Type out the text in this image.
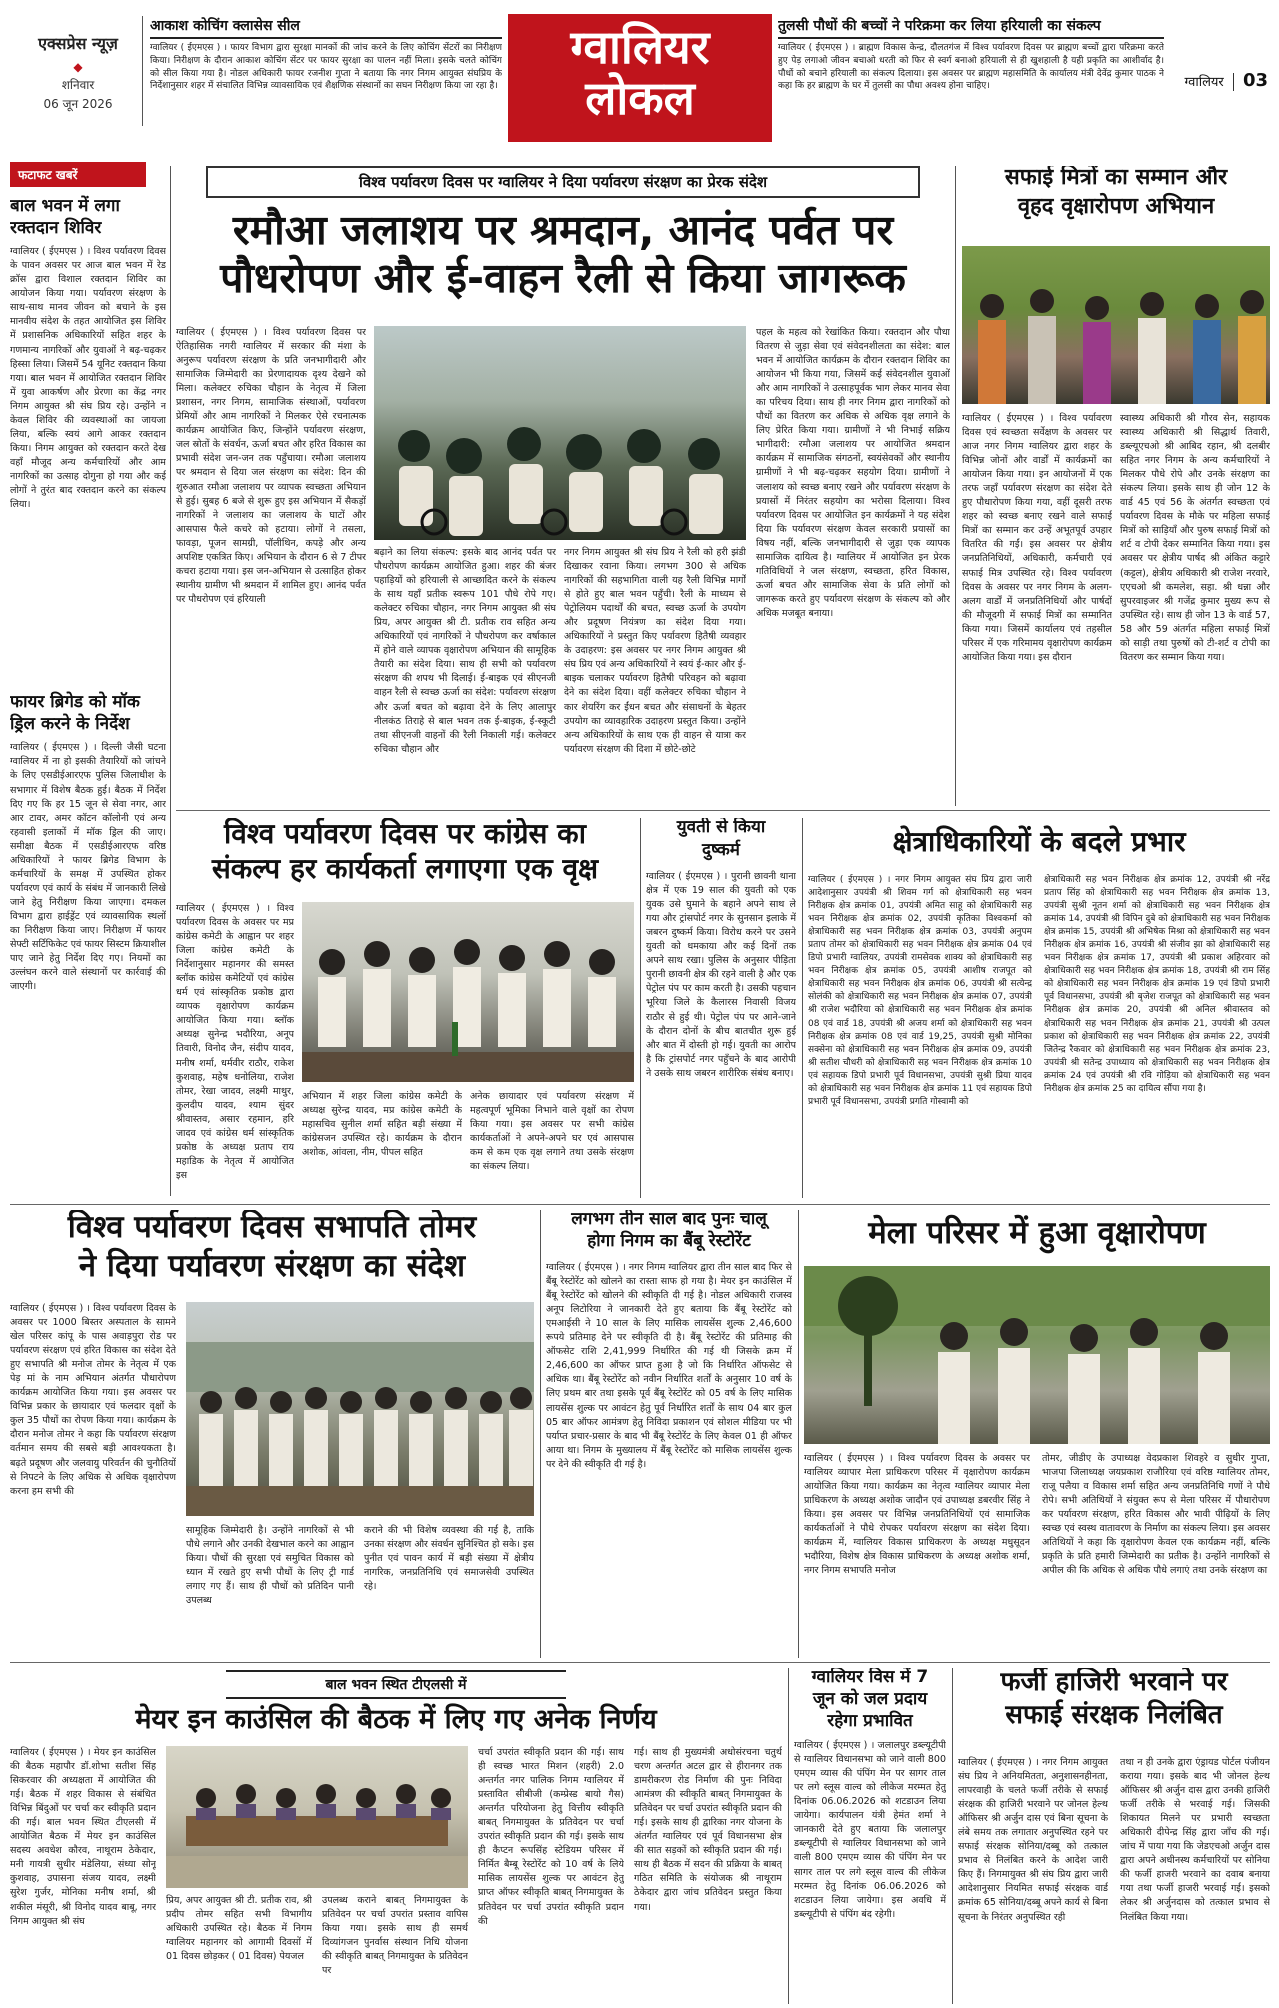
एक्सप्रेस न्यूज़
◆
शनिवार
06 जून 2026
आकाश कोचिंग क्लासेस सील
ग्वालियर ( ईएमएस ) । फायर विभाग द्वारा सुरक्षा मानकों की जांच करने के लिए कोचिंग सेंटरों का निरीक्षण किया। निरीक्षण के दौरान आकाश कोचिंग सेंटर पर फायर सुरक्षा का पालन नहीं मिला। इसके चलते कोचिंग को सील किया गया है। नोडल अधिकारी फायर रजनीश गुप्ता ने बताया कि नगर निगम आयुक्त संघप्रिय के निर्देशानुसार शहर में संचालित विभिन्न व्यावसायिक एवं शैक्षणिक संस्थानों का सघन निरीक्षण किया जा रहा है।
ग्वालियर
लोकल
तुलसी पौधों की बच्चों ने परिक्रमा कर लिया हरियाली का संकल्प
ग्वालियर ( ईएमएस ) । ब्राह्मण विकास केन्द्र, दौलतगंज में विश्व पर्यावरण दिवस पर ब्राह्मण बच्चों द्वारा परिक्रमा करते हुए पेड़ लगाओ जीवन बचाओ धरती को फिर से स्वर्ग बनाओ हरियाली से ही खुशहाली है यही प्रकृति का आशीर्वाद है। पौधों को बचाने हरियाली का संकल्प दिलाया। इस अवसर पर ब्राह्मण महासमिति के कार्यालय मंत्री देवेंद्र कुमार पाठक ने कहा कि हर ब्राह्मण के घर में तुलसी का पौधा अवश्य होना चाहिए।	ग्वालियर 03
फटाफट खबरें
बाल भवन में लगा रक्तदान शिविर
ग्वालियर ( ईएमएस ) । विश्व पर्यावरण दिवस के पावन अवसर पर आज बाल भवन में रेड क्रॉस द्वारा विशाल रक्तदान शिविर का आयोजन किया गया। पर्यावरण संरक्षण के साथ-साथ मानव जीवन को बचाने के इस मानवीय संदेश के तहत आयोजित इस शिविर में प्रशासनिक अधिकारियों सहित शहर के गणमान्य नागरिकों और युवाओं ने बढ़-चढ़कर हिस्सा लिया। जिसमें 54 यूनिट रक्तदान किया गया। बाल भवन में आयोजित रक्तदान शिविर में युवा आकर्षण और प्रेरणा का केंद्र नगर निगम आयुक्त श्री संघ प्रिय रहे। उन्होंने न केवल शिविर की व्यवस्थाओं का जायजा लिया, बल्कि स्वयं आगे आकर रक्तदान किया। निगम आयुक्त को रक्तदान करते देख वहाँ मौजूद अन्य कर्मचारियों और आम नागरिकों का उत्साह दोगुना हो गया और कई लोगों ने तुरंत बाद रक्तदान करने का संकल्प लिया।
फायर ब्रिगेड को मॉक ड्रिल करने के निर्देश
ग्वालियर ( ईएमएस ) । दिल्ली जैसी घटना ग्वालियर में ना हो इसकी तैयारियों को जांचने के लिए एसडीईआरएफ पुलिस जिलाधीश के सभागार में विशेष बैठक हुई। बैठक में निर्देश दिए गए कि हर 15 जून से सेवा नगर, आर आर टावर, अमर कॉटन कॉलोनी एवं अन्य रहवासी इलाकों में मॉक ड्रिल की जाए। समीक्षा बैठक में एसडीईआरएफ वरिष्ठ अधिकारियों ने फायर ब्रिगेड विभाग के कर्मचारियों के समक्ष में उपस्थित होकर पर्यावरण एवं कार्य के संबंध में जानकारी लिखे जाने हेतु निरीक्षण किया जाएगा। दमकल विभाग द्वारा हाईड्रेंट एवं व्यावसायिक स्थलों का निरीक्षण किया जाए। निरीक्षण में फायर सेफ्टी सर्टिफिकेट एवं फायर सिस्टम क्रियाशील पाए जाने हेतु निर्देश दिए गए। नियमों का उल्लंघन करने वाले संस्थानों पर कार्रवाई की जाएगी।
विश्व पर्यावरण दिवस पर ग्वालियर ने दिया पर्यावरण संरक्षण का प्रेरक संदेश
रमौआ जलाशय पर श्रमदान, आनंद पर्वत पर
पौधरोपण और ई-वाहन रैली से किया जागरूक
ग्वालियर ( ईएमएस ) । विश्व पर्यावरण दिवस पर ऐतिहासिक नगरी ग्वालियर में सरकार की मंशा के अनुरूप पर्यावरण संरक्षण के प्रति जनभागीदारी और सामाजिक जिम्मेदारी का प्रेरणादायक दृश्य देखने को मिला। कलेक्टर रुचिका चौहान के नेतृत्व में जिला प्रशासन, नगर निगम, सामाजिक संस्थाओं, पर्यावरण प्रेमियों और आम नागरिकों ने मिलकर ऐसे रचनात्मक कार्यक्रम आयोजित किए, जिन्होंने पर्यावरण संरक्षण, जल स्रोतों के संवर्धन, ऊर्जा बचत और हरित विकास का प्रभावी संदेश जन-जन तक पहुँचाया। रमौआ जलाशय पर श्रमदान से दिया जल संरक्षण का संदेश: दिन की शुरुआत रमौआ जलाशय पर व्यापक स्वच्छता अभियान से हुई। सुबह 6 बजे से शुरू हुए इस अभियान में सैकड़ों नागरिकों ने जलाशय का जलाशय के घाटों और आसपास फैले कचरे को हटाया। लोगों ने तसला, फावड़ा, पूजन सामग्री, पॉलीथिन, कपड़े और अन्य अपशिष्ट एकत्रित किए। अभियान के दौरान 6 से 7 टीपर कचरा हटाया गया। इस जन-अभियान से उत्साहित होकर स्थानीय ग्रामीण भी श्रमदान में शामिल हुए। आनंद पर्वत पर पौधरोपण एवं हरियाली
बढ़ाने का लिया संकल्प: इसके बाद आनंद पर्वत पर पौधरोपण कार्यक्रम आयोजित हुआ। शहर की बंजर पहाड़ियों को हरियाली से आच्छादित करने के संकल्प के साथ यहाँ प्रतीक स्वरूप 101 पौधे रोपे गए। कलेक्टर रुचिका चौहान, नगर निगम आयुक्त श्री संघ प्रिय, अपर आयुक्त श्री टी. प्रतीक राव सहित अन्य अधिकारियों एवं नागरिकों ने पौधरोपण कर वर्षाकाल में होने वाले व्यापक वृक्षारोपण अभियान की सामूहिक तैयारी का संदेश दिया। साथ ही सभी को पर्यावरण संरक्षण की शपथ भी दिलाई। ई-बाइक एवं सीएनजी वाहन रैली से स्वच्छ ऊर्जा का संदेश: पर्यावरण संरक्षण और ऊर्जा बचत को बढ़ावा देने के लिए आलापुर नीलकंठ तिराहे से बाल भवन तक ई-बाइक, ई-स्कूटी तथा सीएनजी वाहनों की रैली निकाली गई। कलेक्टर रुचिका चौहान और
नगर निगम आयुक्त श्री संघ प्रिय ने रैली को हरी झंडी दिखाकर रवाना किया। लगभग 300 से अधिक नागरिकों की सहभागिता वाली यह रैली विभिन्न मार्गों से होते हुए बाल भवन पहुँची। रैली के माध्यम से पेट्रोलियम पदार्थों की बचत, स्वच्छ ऊर्जा के उपयोग और प्रदूषण नियंत्रण का संदेश दिया गया। अधिकारियों ने प्रस्तुत किए पर्यावरण हितैषी व्यवहार के उदाहरण: इस अवसर पर नगर निगम आयुक्त श्री संघ प्रिय एवं अन्य अधिकारियों ने स्वयं ई-कार और ई-बाइक चलाकर पर्यावरण हितैषी परिवहन को बढ़ावा देने का संदेश दिया। वहीं कलेक्टर रुचिका चौहान ने कार शेयरिंग कर ईंधन बचत और संसाधनों के बेहतर उपयोग का व्यावहारिक उदाहरण प्रस्तुत किया। उन्होंने अन्य अधिकारियों के साथ एक ही वाहन से यात्रा कर पर्यावरण संरक्षण की दिशा में छोटे-छोटे
पहल के महत्व को रेखांकित किया। रक्तदान और पौधा वितरण से जुड़ा सेवा एवं संवेदनशीलता का संदेश: बाल भवन में आयोजित कार्यक्रम के दौरान रक्तदान शिविर का आयोजन भी किया गया, जिसमें कई संवेदनशील युवाओं और आम नागरिकों ने उत्साहपूर्वक भाग लेकर मानव सेवा का परिचय दिया। साथ ही नगर निगम द्वारा नागरिकों को पौधों का वितरण कर अधिक से अधिक वृक्ष लगाने के लिए प्रेरित किया गया। ग्रामीणों ने भी निभाई सक्रिय भागीदारी: रमौआ जलाशय पर आयोजित श्रमदान कार्यक्रम में सामाजिक संगठनों, स्वयंसेवकों और स्थानीय ग्रामीणों ने भी बढ़-चढ़कर सहयोग दिया। ग्रामीणों ने जलाशय को स्वच्छ बनाए रखने और पर्यावरण संरक्षण के प्रयासों में निरंतर सहयोग का भरोसा दिलाया। विश्व पर्यावरण दिवस पर आयोजित इन कार्यक्रमों ने यह संदेश दिया कि पर्यावरण संरक्षण केवल सरकारी प्रयासों का विषय नहीं, बल्कि जनभागीदारी से जुड़ा एक व्यापक सामाजिक दायित्व है। ग्वालियर में आयोजित इन प्रेरक गतिविधियों ने जल संरक्षण, स्वच्छता, हरित विकास, ऊर्जा बचत और सामाजिक सेवा के प्रति लोगों को जागरूक करते हुए पर्यावरण संरक्षण के संकल्प को और अधिक मजबूत बनाया।
सफाई मित्रों का सम्मान और
वृहद वृक्षारोपण अभियान
ग्वालियर ( ईएमएस ) । विश्व पर्यावरण दिवस एवं स्वच्छता सर्वेक्षण के अवसर पर आज नगर निगम ग्वालियर द्वारा शहर के विभिन्न जोनों और वार्डों में कार्यक्रमों का आयोजन किया गया। इन आयोजनों में एक तरफ जहाँ पर्यावरण संरक्षण का संदेश देते हुए पौधारोपण किया गया, वहीं दूसरी तरफ शहर को स्वच्छ बनाए रखने वाले सफाई मित्रों का सम्मान कर उन्हें अभूतपूर्व उपहार वितरित की गईं। इस अवसर पर क्षेत्रीय जनप्रतिनिधियों, अधिकारी, कर्मचारी एवं सफाई मित्र उपस्थित रहे। विश्व पर्यावरण दिवस के अवसर पर नगर निगम के अलग-अलग वार्डों में जनप्रतिनिधियों और पार्षदों की मौजूदगी में सफाई मित्रों का सम्मानित किया गया। जिसमें कार्यालय एवं तहसील परिसर में एक गरिमामय वृक्षारोपण कार्यक्रम आयोजित किया गया। इस दौरान
स्वास्थ्य अधिकारी श्री गौरव सेन, सहायक स्वास्थ्य अधिकारी श्री सिद्धार्थ तिवारी, डब्ल्यूएचओ श्री आबिद रहान, श्री दलबीर सहित नगर निगम के अन्य कर्मचारियों ने मिलकर पौधे रोपे और उनके संरक्षण का संकल्प लिया। इसके साथ ही जोन 12 के वार्ड 45 एवं 56 के अंतर्गत स्वच्छता एवं पर्यावरण दिवस के मौके पर महिला सफाई मित्रों को साड़ियाँ और पुरुष सफाई मित्रों को शर्ट व टोपी देकर सम्मानित किया गया। इस अवसर पर क्षेत्रीय पार्षद श्री अंकित कट्टारे (कट्टल), क्षेत्रीय अधिकारी श्री राजेश नरवारे, एएचओ श्री कमलेश, सहा. श्री धन्ना और सुपरवाइजर श्री गजेंद्र कुमार मुख्य रूप से उपस्थित रहे। साथ ही जोन 13 के वार्ड 57, 58 और 59 अंतर्गत महिला सफाई मित्रों को साड़ी तथा पुरुषों को टी-शर्ट व टोपी का वितरण कर सम्मान किया गया।
विश्व पर्यावरण दिवस पर कांग्रेस का
संकल्प हर कार्यकर्ता लगाएगा एक वृक्ष
ग्वालियर ( ईएमएस ) । विश्व पर्यावरण दिवस के अवसर पर मप्र कांग्रेस कमेटी के आह्वान पर शहर जिला कांग्रेस कमेटी के निर्देशानुसार महानगर की समस्त ब्लॉक कांग्रेस कमेटियों एवं कांग्रेस धर्म एवं सांस्कृतिक प्रकोष्ठ द्वारा व्यापक वृक्षारोपण कार्यक्रम आयोजित किया गया। ब्लॉक अध्यक्ष सुनेन्द्र भदौरिया, अनूप तिवारी, विनोद जैन, संदीप यादव, मनीष शर्मा, धर्मवीर राठौर, राकेश कुशवाह, महेष धनोलिया, राजेश तोमर, रेखा जादव, लक्ष्मी माथुर, कुलदीप यादव, श्याम सुंदर श्रीवास्तव, असार रहमान, हरि जादव एवं कांग्रेस धर्म सांस्कृतिक प्रकोष्ठ के अध्यक्ष प्रताप राय महाडिक के नेतृत्व में आयोजित इस
अभियान में शहर जिला कांग्रेस कमेटी के अध्यक्ष सुरेन्द्र यादव, मप्र कांग्रेस कमेटी के महासचिव सुनील शर्मा सहित बड़ी संख्या में कांग्रेसजन उपस्थित रहे। कार्यक्रम के दौरान अशोक, आंवला, नीम, पीपल सहित
अनेक छायादार एवं पर्यावरण संरक्षण में महत्वपूर्ण भूमिका निभाने वाले वृक्षों का रोपण किया गया। इस अवसर पर सभी कांग्रेस कार्यकर्ताओं ने अपने-अपने घर एवं आसपास कम से कम एक वृक्ष लगाने तथा उसके संरक्षण का संकल्प लिया।
युवती से किया
दुष्कर्म
ग्वालियर ( ईएमएस ) । पुरानी छावनी थाना क्षेत्र में एक 19 साल की युवती को एक युवक उसे घुमाने के बहाने अपने साथ ले गया और ट्रांसपोर्ट नगर के सुनसान इलाके में जबरन दुष्कर्म किया। विरोध करने पर उसने युवती को धमकाया और कई दिनों तक अपने साथ रखा। पुलिस के अनुसार पीड़िता पुरानी छावनी क्षेत्र की रहने वाली है और एक पेट्रोल पंप पर काम करती है। उसकी पहचान भूरिया जिले के कैलारस निवासी विजय राठौर से हुई थी। पेट्रोल पंप पर आने-जाने के दौरान दोनों के बीच बातचीत शुरू हुई और बात में दोस्ती हो गई। युवती का आरोप है कि ट्रांसपोर्ट नगर पहुँचने के बाद आरोपी ने उसके साथ जबरन शारीरिक संबंध बनाए।
क्षेत्राधिकारियों के बदले प्रभार
ग्वालियर ( ईएमएस ) । नगर निगम आयुक्त संघ प्रिय द्वारा जारी आदेशानुसार उपयंत्री श्री शिवम गर्ग को क्षेत्राधिकारी सह भवन निरीक्षक क्षेत्र क्रमांक 01, उपयंत्री अमित साहू को क्षेत्राधिकारी सह भवन निरीक्षक क्षेत्र क्रमांक 02, उपयंत्री कृतिका विश्वकर्मा को क्षेत्राधिकारी सह भवन निरीक्षक क्षेत्र क्रमांक 03, उपयंत्री अनुपम प्रताप तोमर को क्षेत्राधिकारी सह भवन निरीक्षक क्षेत्र क्रमांक 04 एवं डिपो प्रभारी ग्वालियर, उपयंत्री रामसेवक शाक्य को क्षेत्राधिकारी सह भवन निरीक्षक क्षेत्र क्रमांक 05, उपयंत्री आशीष राजपूत को क्षेत्राधिकारी सह भवन निरीक्षक क्षेत्र क्रमांक 06, उपयंत्री श्री सत्येन्द्र सोलंकी को क्षेत्राधिकारी सह भवन निरीक्षक क्षेत्र क्रमांक 07, उपयंत्री श्री राजेश भदौरिया को क्षेत्राधिकारी सह भवन निरीक्षक क्षेत्र क्रमांक 08 एवं वार्ड 18, उपयंत्री श्री अजय शर्मा को क्षेत्राधिकारी सह भवन निरीक्षक क्षेत्र क्रमांक 08 एवं वार्ड 19,25, उपयंत्री सुश्री मोनिका सक्सेना को क्षेत्राधिकारी सह भवन निरीक्षक क्षेत्र क्रमांक 09, उपयंत्री श्री सतीश चौधरी को क्षेत्राधिकारी सह भवन निरीक्षक क्षेत्र क्रमांक 10 एवं सहायक डिपो प्रभारी पूर्व विधानसभा, उपयंत्री सुश्री प्रिया यादव को क्षेत्राधिकारी सह भवन निरीक्षक क्षेत्र क्रमांक 11 एवं सहायक डिपो प्रभारी पूर्व विधानसभा, उपयंत्री प्रगति गोस्वामी को
क्षेत्राधिकारी सह भवन निरीक्षक क्षेत्र क्रमांक 12, उपयंत्री श्री नरेंद्र प्रताप सिंह को क्षेत्राधिकारी सह भवन निरीक्षक क्षेत्र क्रमांक 13, उपयंत्री सुश्री नूतन शर्मा को क्षेत्राधिकारी सह भवन निरीक्षक क्षेत्र क्रमांक 14, उपयंत्री श्री विपिन दुबे को क्षेत्राधिकारी सह भवन निरीक्षक क्षेत्र क्रमांक 15, उपयंत्री श्री अभिषेक मिश्रा को क्षेत्राधिकारी सह भवन निरीक्षक क्षेत्र क्रमांक 16, उपयंत्री श्री संजीव झा को क्षेत्राधिकारी सह भवन निरीक्षक क्षेत्र क्रमांक 17, उपयंत्री श्री प्रकाश अहिरवार को क्षेत्राधिकारी सह भवन निरीक्षक क्षेत्र क्रमांक 18, उपयंत्री श्री राम सिंह को क्षेत्राधिकारी सह भवन निरीक्षक क्षेत्र क्रमांक 19 एवं डिपो प्रभारी पूर्व विधानसभा, उपयंत्री श्री बृजेश राजपूत को क्षेत्राधिकारी सह भवन निरीक्षक क्षेत्र क्रमांक 20, उपयंत्री श्री अनिल श्रीवास्तव को क्षेत्राधिकारी सह भवन निरीक्षक क्षेत्र क्रमांक 21, उपयंत्री श्री उत्पल प्रकाश को क्षेत्राधिकारी सह भवन निरीक्षक क्षेत्र क्रमांक 22, उपयंत्री जितेन्द्र रैकवार को क्षेत्राधिकारी सह भवन निरीक्षक क्षेत्र क्रमांक 23, उपयंत्री श्री सतेन्द्र उपाध्याय को क्षेत्राधिकारी सह भवन निरीक्षक क्षेत्र क्रमांक 24 एवं उपयंत्री श्री रवि गोड़िया को क्षेत्राधिकारी सह भवन निरीक्षक क्षेत्र क्रमांक 25 का दायित्व सौंपा गया है।
विश्व पर्यावरण दिवस सभापति तोमर
ने दिया पर्यावरण संरक्षण का संदेश
ग्वालियर ( ईएमएस ) । विश्व पर्यावरण दिवस के अवसर पर 1000 बिस्तर अस्पताल के सामने खेल परिसर कांपू के पास अवाड़पुरा रोड पर पर्यावरण संरक्षण एवं हरित विकास का संदेश देते हुए सभापति श्री मनोज तोमर के नेतृत्व में एक पेड़ मां के नाम अभियान अंतर्गत पौधारोपण कार्यक्रम आयोजित किया गया। इस अवसर पर विभिन्न प्रकार के छायादार एवं फलदार वृक्षों के कुल 35 पौधों का रोपण किया गया। कार्यक्रम के दौरान मनोज तोमर ने कहा कि पर्यावरण संरक्षण वर्तमान समय की सबसे बड़ी आवश्यकता है। बढ़ते प्रदूषण और जलवायु परिवर्तन की चुनौतियों से निपटने के लिए अधिक से अधिक वृक्षारोपण करना हम सभी की
सामूहिक जिम्मेदारी है। उन्होंने नागरिकों से भी पौधे लगाने और उनकी देखभाल करने का आह्वान किया। पौधों की सुरक्षा एवं समुचित विकास को ध्यान में रखते हुए सभी पौधों के लिए ट्री गार्ड लगाए गए हैं। साथ ही पौधों को प्रतिदिन पानी उपलब्ध
कराने की भी विशेष व्यवस्था की गई है, ताकि उनका संरक्षण और संवर्धन सुनिश्चित हो सके। इस पुनीत एवं पावन कार्य में बड़ी संख्या में क्षेत्रीय नागरिक, जनप्रतिनिधि एवं समाजसेवी उपस्थित रहे।
लगभग तीन साल बाद पुनः चालू
होगा निगम का बैंबू रेस्टोरेंट
ग्वालियर ( ईएमएस ) । नगर निगम ग्वालियर द्वारा तीन साल बाद फिर से बैंबू रेस्टोरेंट को खोलने का रास्ता साफ हो गया है। मेयर इन काउंसिल में बैंबू रेस्टोरेंट को खोलने की स्वीकृति दी गई है। नोडल अधिकारी राजस्व अनूप लिटोरिया ने जानकारी देते हुए बताया कि बैंबू रेस्टोरेंट को एमआईसी ने 10 साल के लिए मासिक लायसेंस शुल्क 2,46,600 रूपये प्रतिमाह देने पर स्वीकृति दी है। बैंबू रेस्टोरेंट की प्रतिमाह की ऑफसेट राशि 2,41,999 निर्धारित की गई थी जिसके क्रम में 2,46,600 का ऑफर प्राप्त हुआ है जो कि निर्धारित ऑफसेट से अधिक था। बैंबू रेस्टोरेंट को नवीन निर्धारित शर्तों के अनुसार 10 वर्ष के लिए प्रथम बार तथा इसके पूर्व बैंबू रेस्टोरेंट को 05 वर्ष के लिए मासिक लायसेंस शुल्क पर आवंटन हेतु पूर्व निर्धारित शर्तों के साथ 04 बार कुल 05 बार ऑफर आमंत्रण हेतु निविदा प्रकाशन एवं सोशल मीडिया पर भी पर्याप्त प्रचार-प्रसार के बाद भी बैंबू रेस्टोरेंट के लिए केवल 01 ही ऑफर आया था। निगम के मुख्यालय में बैंबू रेस्टोरेंट को मासिक लायसेंस शुल्क पर देने की स्वीकृति दी गई है।
मेला परिसर में हुआ वृक्षारोपण
ग्वालियर ( ईएमएस ) । विश्व पर्यावरण दिवस के अवसर पर ग्वालियर व्यापार मेला प्राधिकरण परिसर में वृक्षारोपण कार्यक्रम आयोजित किया गया। कार्यक्रम का नेतृत्व ग्वालियर व्यापार मेला प्राधिकरण के अध्यक्ष अशोक जादौन एवं उपाध्यक्ष डबरवीर सिंह ने किया। इस अवसर पर विभिन्न जनप्रतिनिधियों एवं सामाजिक कार्यकर्ताओं ने पौधे रोपकर पर्यावरण संरक्षण का संदेश दिया। कार्यक्रम में, ग्वालियर विकास प्राधिकरण के अध्यक्ष मधुसूदन भदौरिया, विशेष क्षेत्र विकास प्राधिकरण के अध्यक्ष अशोक शर्मा, नगर निगम सभापति मनोज
तोमर, जीडीए के उपाध्यक्ष वेदप्रकाश शिवहरे व सुधीर गुप्ता, भाजपा जिलाध्यक्ष जयप्रकाश राजौरिया एवं वरिष्ठ ग्वालियर तोमर, राजू पलैया व विकास शर्मा सहित अन्य जनप्रतिनिधि गणों ने पौधे रोपे। सभी अतिथियों ने संयुक्त रूप से मेला परिसर में पौधारोपण कर पर्यावरण संरक्षण, हरित विकास और भावी पीढ़ियों के लिए स्वच्छ एवं स्वस्थ वातावरण के निर्माण का संकल्प लिया। इस अवसर अतिथियों ने कहा कि वृक्षारोपण केवल एक कार्यक्रम नहीं, बल्कि प्रकृति के प्रति हमारी जिम्मेदारी का प्रतीक है। उन्होंने नागरिकों से अपील की कि अधिक से अधिक पौधे लगाएं तथा उनके संरक्षण का
बाल भवन स्थित टीएलसी में
मेयर इन काउंसिल की बैठक में लिए गए अनेक निर्णय
ग्वालियर ( ईएमएस ) । मेयर इन काउंसिल की बैठक महापौर डॉ.शोभा सतीश सिंह सिकरवार की अध्यक्षता में आयोजित की गई। बैठक में शहर विकास से संबंधित विभिन्न बिंदुओं पर चर्चा कर स्वीकृति प्रदान की गई। बाल भवन स्थित टीएलसी में आयोजित बैठक में मेयर इन काउंसिल सदस्य अवधेश कौरव, नाथूराम ठेकेदार, मनी गायत्री सुधीर मंडेलिया, संध्या सोनू कुशवाह, उपासना संजय यादव, लक्ष्मी सुरेश गुर्जर, मोनिका मनीष शर्मा, श्री शकील मंसूरी, श्री विनोद यादव बाबू, नगर निगम आयुक्त श्री संघ
प्रिय, अपर आयुक्त श्री टी. प्रतीक राव, श्री प्रदीप तोमर सहित सभी विभागीय अधिकारी उपस्थित रहे। बैठक में निगम ग्वालियर महानगर को आगामी दिवसों में 01 दिवस छोड़कर ( 01 दिवस) पेयजल
उपलब्ध कराने बाबत् निगमायुक्त के प्रतिवेदन पर चर्चा उपरांत प्रस्ताव वापिस किया गया। इसके साथ ही समर्थ दिव्यांगजन पुनर्वास संस्थान निधि योजना की स्वीकृति बाबत् निगमायुक्त के प्रतिवेदन पर
चर्चा उपरांत स्वीकृति प्रदान की गई। साथ ही स्वच्छ भारत मिशन (शहरी) 2.0 अन्तर्गत नगर पालिक निगम ग्वालियर में प्रस्तावित सीबीजी (कम्प्रेस्ड बायो गैस) अन्तर्गत परियोजना हेतु वित्तीय स्वीकृति बाबत् निगमायुक्त के प्रतिवेदन पर चर्चा उपरांत स्वीकृति प्रदान की गई। इसके साथ ही कैप्टन रूपसिंह स्टेडियम परिसर में निर्मित बैम्बू रेस्टोरेंट को 10 वर्ष के लिये मासिक लायसेंस शुल्क पर आवंटन हेतु प्राप्त ऑफर स्वीकृति बाबत् निगमायुक्त के प्रतिवेदन पर चर्चा उपरांत स्वीकृति प्रदान की
गई। साथ ही मुख्यमंत्री अधोसंरचना चतुर्थ चरण अन्तर्गत अटल द्वार से हीरानगर तक डामरीकरण रोड निर्माण की पुनः निविदा आमंत्रण की स्वीकृति बाबत् निगमायुक्त के प्रतिवेदन पर चर्चा उपरांत स्वीकृति प्रदान की गई। इसके साथ ही द्वारिका नगर योजना के अंतर्गत ग्वालियर एवं पूर्व विधानसभा क्षेत्र की सात सड़कों को स्वीकृति प्रदान की गई। साथ ही बैठक में सदन की प्रक्रिया के बाबत् गठित समिति के संयोजक श्री नाथूराम ठेकेदार द्वारा जांच प्रतिवेदन प्रस्तुत किया गया।
ग्वालियर विस में 7
जून को जल प्रदाय
रहेगा प्रभावित
ग्वालियर ( ईएमएस ) । जलालपुर डब्ल्यूटीपी से ग्वालियर विधानसभा को जाने वाली 800 एमएम व्यास की पंपिंग मेन पर सागर ताल पर लगे स्लूस वाल्व को लीकेज मरम्मत हेतु दिनांक 06.06.2026 को शटडाउन लिया जायेगा। कार्यपालन यंत्री हेमंत शर्मा ने जानकारी देते हुए बताया कि जलालपुर डब्ल्यूटीपी से ग्वालियर विधानसभा को जाने वाली 800 एमएम व्यास की पंपिंग मेन पर सागर ताल पर लगे स्लूस वाल्व की लीकेज मरम्मत हेतु दिनांक 06.06.2026 को शटडाउन लिया जायेगा। इस अवधि में डब्ल्यूटीपी से पंपिंग बंद रहेगी।
फर्जी हाजिरी भरवाने पर
सफाई संरक्षक निलंबित
ग्वालियर ( ईएमएस ) । नगर निगम आयुक्त संघ प्रिय ने अनियमितता, अनुशासनहीनता, लापरवाही के चलते फर्जी तरीके से सफाई संरक्षक की हाजिरी भरवाने पर जोनल हेल्थ ऑफिसर श्री अर्जुन दास एवं बिना सूचना के लंबे समय तक लगातार अनुपस्थित रहने पर सफाई संरक्षक सोनिया/दब्बू को तत्काल प्रभाव से निलंबित करने के आदेश जारी किए हैं। निगमायुक्त श्री संघ प्रिय द्वारा जारी आदेशानुसार नियमित सफाई संरक्षक वार्ड क्रमांक 65 सोनिया/दब्बू अपने कार्य से बिना सूचना के निरंतर अनुपस्थित रही
तथा न ही उनके द्वारा एंड्रायड पोर्टल पंजीयन कराया गया। इसके बाद भी जोनल हेल्थ ऑफिसर श्री अर्जुन दास द्वारा उनकी हाजिरी फर्जी तरीके से भरवाई गई। जिसकी शिकायत मिलने पर प्रभारी स्वच्छता अधिकारी दीपेन्द्र सिंह द्वारा जाँच की गई। जांच में पाया गया कि जेडएचओ अर्जुन दास द्वारा अपने अधीनस्थ कर्मचारियों पर सोनिया की फर्जी हाजरी भरवाने का दवाब बनाया गया तथा फर्जी हाजरी भरवाई गई। इसको लेकर श्री अर्जुनदास को तत्काल प्रभाव से निलंबित किया गया।
